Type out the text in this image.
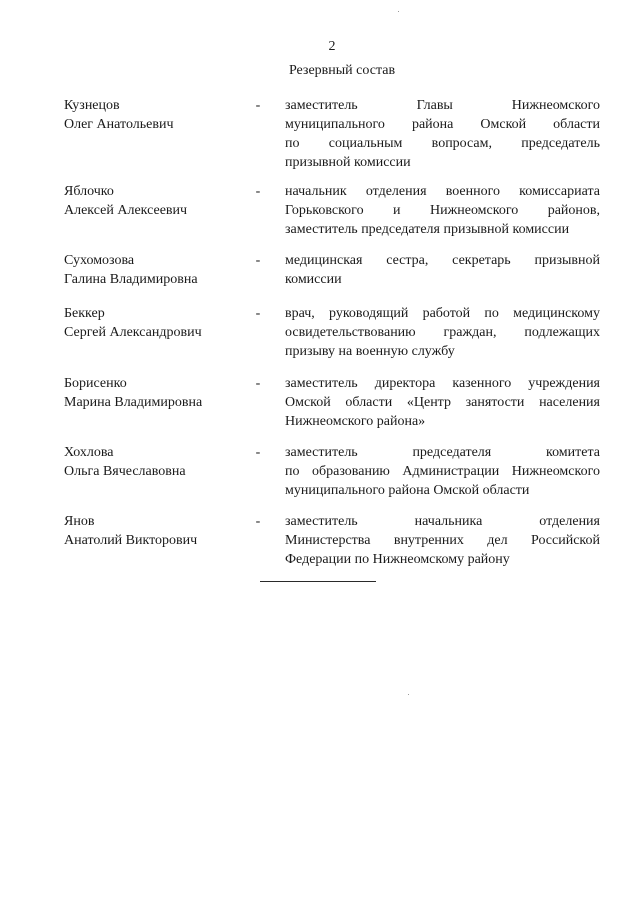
2
Резервный состав
Кузнецов
Олег Анатольевич
- заместитель Главы Нижнеомского
муниципального района Омской области
по социальным вопросам, председатель
призывной комиссии
Яблочко
Алексей Алексеевич
- начальник отделения военного комиссариата
Горьковского и Нижнеомского районов,
заместитель председателя призывной комиссии
Сухомозова
Галина Владимировна
- медицинская сестра, секретарь призывной
комиссии
Беккер
Сергей Александрович
- врач, руководящий работой по медицинскому
освидетельствованию граждан, подлежащих
призыву на военную службу
Борисенко
Марина Владимировна
- заместитель директора казенного учреждения
Омской области «Центр занятости населения
Нижнеомского района»
Хохлова
Ольга Вячеславовна
- заместитель председателя комитета
по образованию Администрации Нижнеомского
муниципального района Омской области
Янов
Анатолий Викторович
- заместитель начальника отделения
Министерства внутренних дел Российской
Федерации по Нижнеомскому району
